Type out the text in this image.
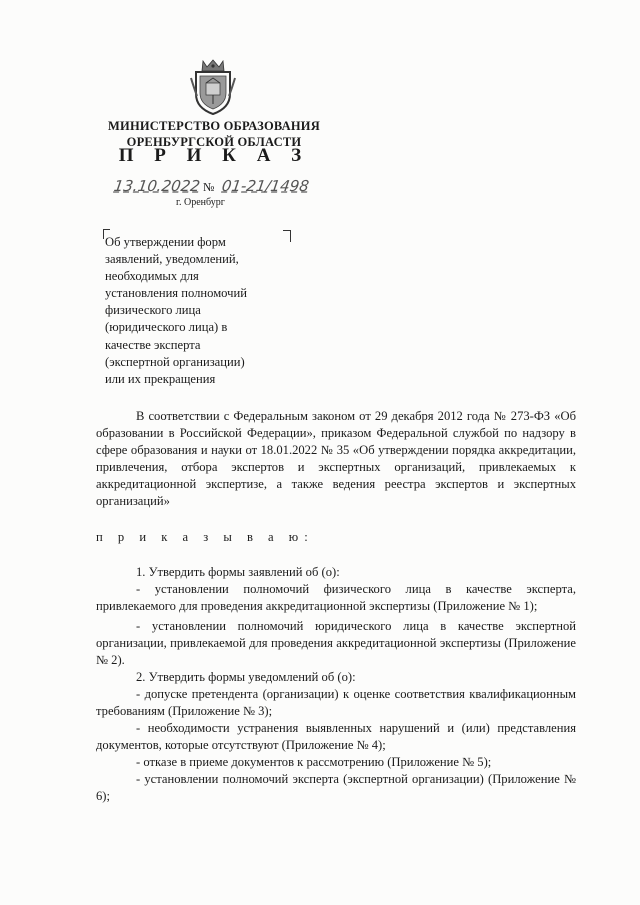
МИНИСТЕРСТВО ОБРАЗОВАНИЯ
ОРЕНБУРГСКОЙ ОБЛАСТИ
П Р И К А З
13.10.2022 № 01-21/1498
г. Оренбург
Об утверждении форм
заявлений, уведомлений,
необходимых для
установления полномочий
физического лица
(юридического лица) в
качестве эксперта
(экспертной организации)
или их прекращения
В соответствии с Федеральным законом от 29 декабря 2012 года № 273-ФЗ «Об образовании в Российской Федерации», приказом Федеральной службой по надзору в сфере образования и науки от 18.01.2022 № 35 «Об утверждении порядка аккредитации, привлечения, отбора экспертов и экспертных организаций, привлекаемых к аккредитационной экспертизе, а также ведения реестра экспертов и экспертных организаций»
п р и к а з ы в а ю:
1. Утвердить формы заявлений об (о):
- установлении полномочий физического лица в качестве эксперта, привлекаемого для проведения аккредитационной экспертизы (Приложение № 1);
- установлении полномочий юридического лица в качестве экспертной организации, привлекаемой для проведения аккредитационной экспертизы (Приложение № 2).
2. Утвердить формы уведомлений об (о):
- допуске претендента (организации) к оценке соответствия квалификационным требованиям (Приложение № 3);
- необходимости устранения выявленных нарушений и (или) представления документов, которые отсутствуют (Приложение № 4);
- отказе в приеме документов к рассмотрению (Приложение № 5);
- установлении полномочий эксперта (экспертной организации) (Приложение № 6);
